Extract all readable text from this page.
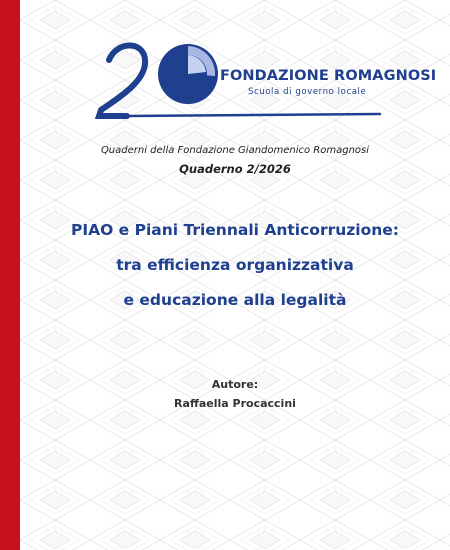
FONDAZIONE ROMAGNOSI
Scuola di governo locale
Quaderni della Fondazione Giandomenico Romagnosi
Quaderno 2/2026
PIAO e Piani Triennali Anticorruzione:
tra efficienza organizzativa
e educazione alla legalità
Autore:
Raffaella Procaccini
